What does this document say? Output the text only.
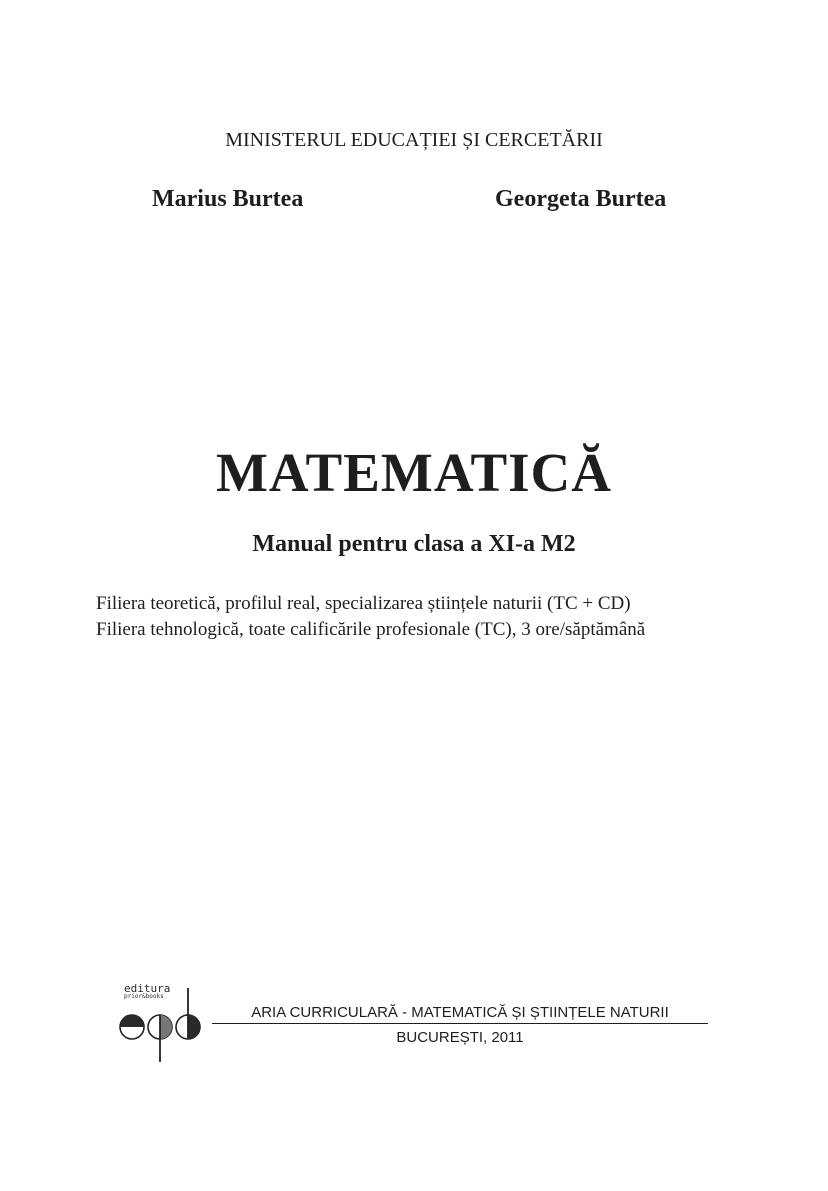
MINISTERUL EDUCAȚIEI ȘI CERCETĂRII
Marius Burtea	Georgeta Burtea
MATEMATICĂ
Manual pentru clasa a XI-a M2
Filiera teoretică, profilul real, specializarea științele naturii (TC + CD)
Filiera tehnologică, toate calificările profesionale (TC), 3 ore/săptămână
editura
prior&books
ARIA CURRICULARĂ - MATEMATICĂ ȘI ȘTIINȚELE NATURII
BUCUREȘTI, 2011
